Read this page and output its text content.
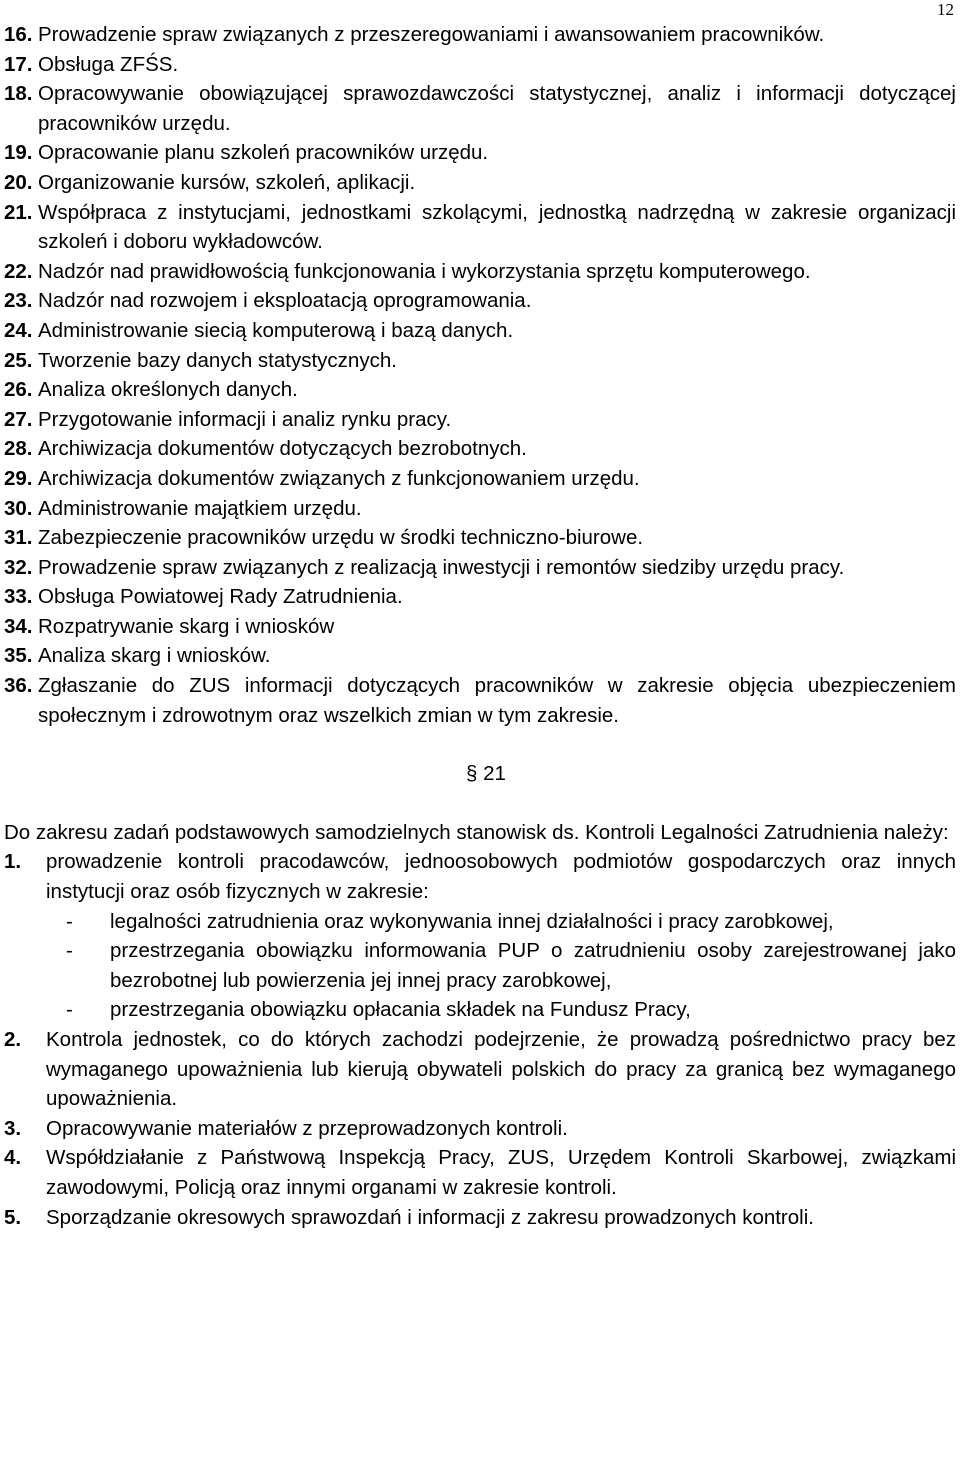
12
16. Prowadzenie spraw związanych z przeszeregowaniami i awansowaniem pracowników.
17. Obsługa ZFŚS.
18. Opracowywanie obowiązującej sprawozdawczości statystycznej, analiz i informacji dotyczącej pracowników urzędu.
19. Opracowanie planu szkoleń pracowników urzędu.
20. Organizowanie kursów, szkoleń, aplikacji.
21. Współpraca z instytucjami, jednostkami szkolącymi, jednostką nadrzędną w zakresie organizacji szkoleń i doboru wykładowców.
22. Nadzór nad prawidłowością funkcjonowania i wykorzystania sprzętu komputerowego.
23. Nadzór nad rozwojem i eksploatacją oprogramowania.
24. Administrowanie siecią komputerową i bazą danych.
25. Tworzenie bazy danych statystycznych.
26. Analiza określonych danych.
27. Przygotowanie informacji i analiz rynku pracy.
28. Archiwizacja dokumentów dotyczących bezrobotnych.
29. Archiwizacja dokumentów związanych z funkcjonowaniem urzędu.
30. Administrowanie majątkiem urzędu.
31. Zabezpieczenie pracowników urzędu w środki techniczno-biurowe.
32. Prowadzenie spraw związanych z realizacją inwestycji i remontów siedziby urzędu pracy.
33. Obsługa Powiatowej Rady Zatrudnienia.
34. Rozpatrywanie skarg i wniosków
35. Analiza skarg i wniosków.
36. Zgłaszanie do ZUS informacji dotyczących pracowników w zakresie objęcia ubezpieczeniem społecznym i zdrowotnym oraz wszelkich zmian w tym zakresie.
§ 21
Do zakresu zadań podstawowych samodzielnych stanowisk ds. Kontroli Legalności Zatrudnienia należy:
1.	prowadzenie kontroli pracodawców, jednoosobowych podmiotów gospodarczych oraz innych instytucji oraz osób fizycznych w zakresie:
-	legalności zatrudnienia oraz wykonywania innej działalności i pracy zarobkowej,
-	przestrzegania obowiązku informowania PUP o zatrudnieniu osoby zarejestrowanej jako bezrobotnej lub powierzenia jej innej pracy zarobkowej,
-	przestrzegania obowiązku opłacania składek na Fundusz Pracy,
2.	Kontrola jednostek, co do których zachodzi podejrzenie, że prowadzą pośrednictwo pracy bez wymaganego upoważnienia lub kierują obywateli polskich do pracy za granicą bez wymaganego upoważnienia.
3.	Opracowywanie materiałów z przeprowadzonych kontroli.
4.	Współdziałanie z Państwową Inspekcją Pracy, ZUS, Urzędem Kontroli Skarbowej, związkami zawodowymi, Policją oraz innymi organami w zakresie kontroli.
5.	Sporządzanie okresowych sprawozdań i informacji z zakresu prowadzonych kontroli.
